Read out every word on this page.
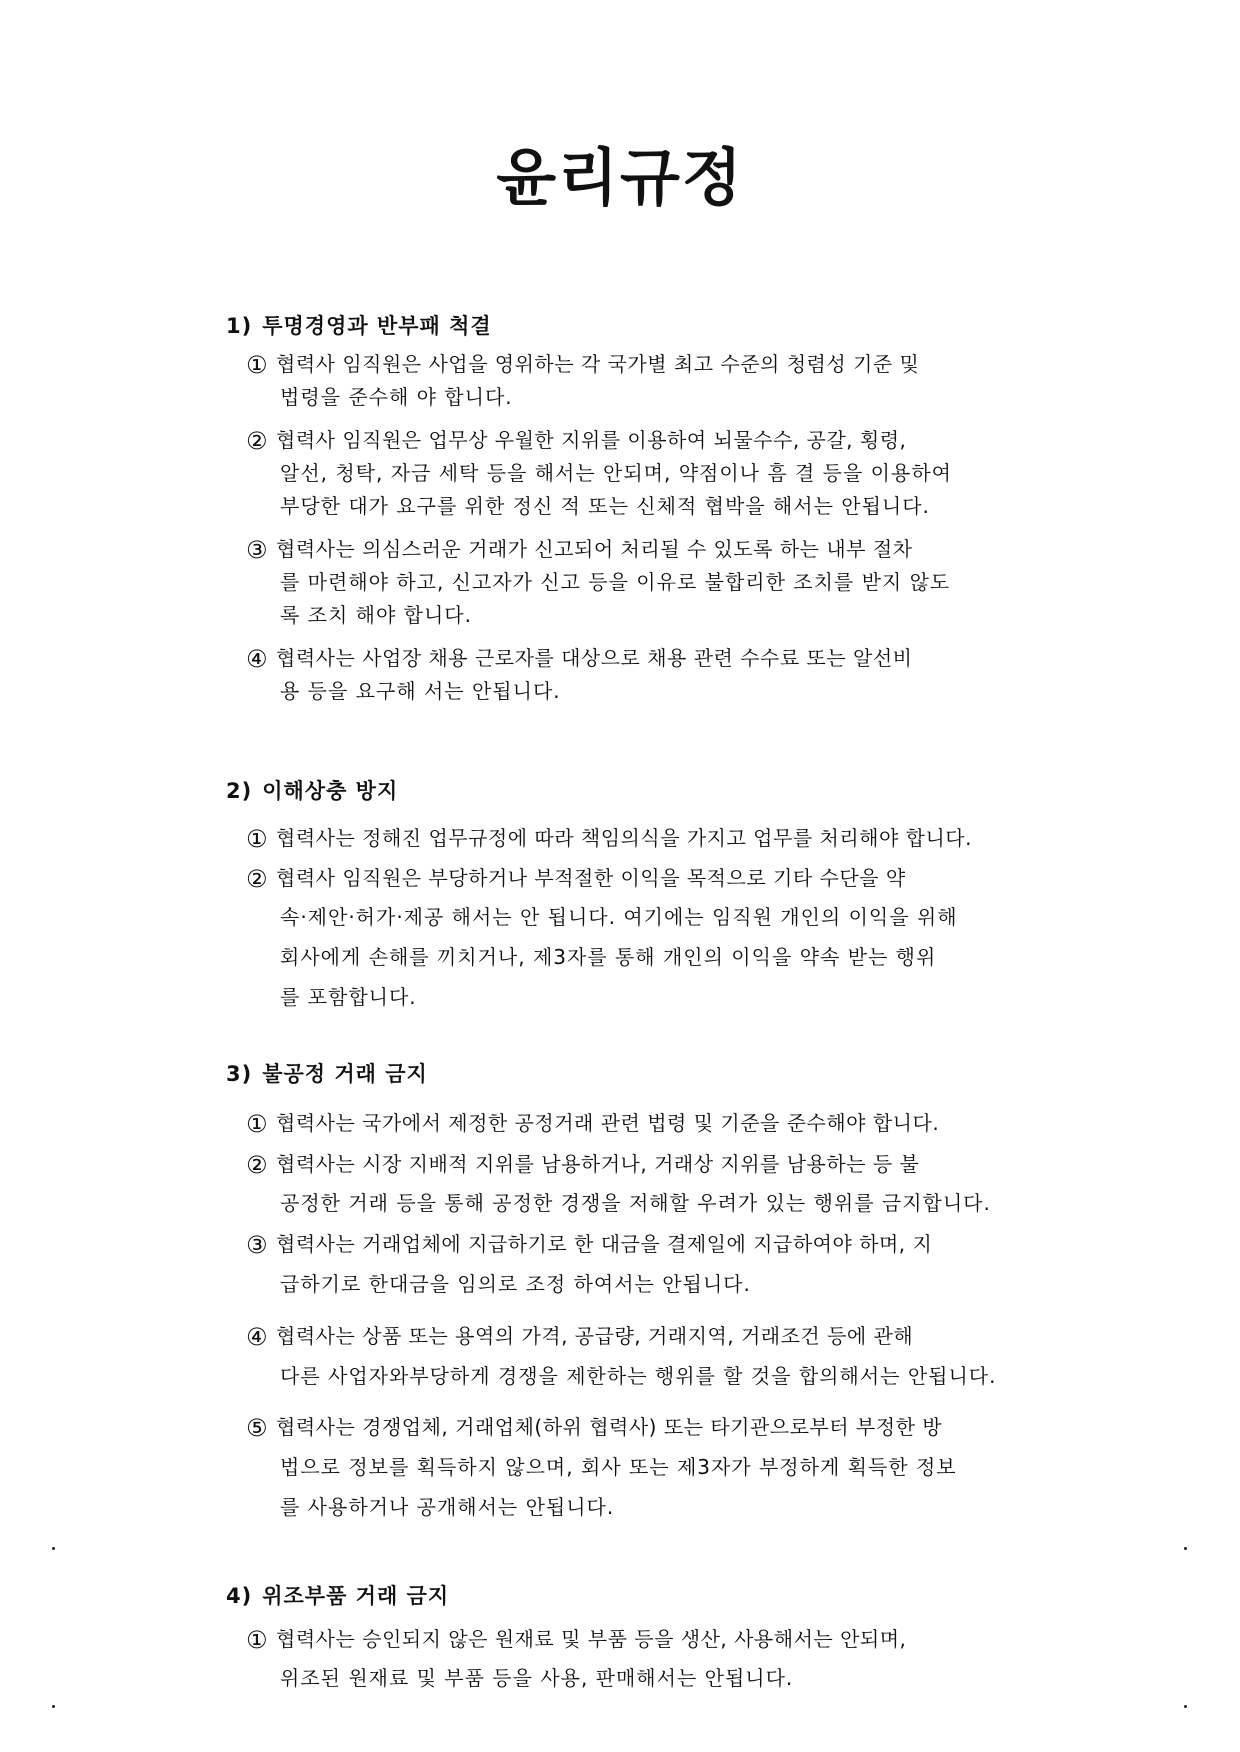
윤리규정
1) 투명경영과 반부패 척결
① 협력사 임직원은 사업을 영위하는 각 국가별 최고 수준의 청렴성 기준 및
법령을 준수해 야 합니다.
② 협력사 임직원은 업무상 우월한 지위를 이용하여 뇌물수수, 공갈, 횡령,
알선, 청탁, 자금 세탁 등을 해서는 안되며, 약점이나 흠 결 등을 이용하여
부당한 대가 요구를 위한 정신 적 또는 신체적 협박을 해서는 안됩니다.
③ 협력사는 의심스러운 거래가 신고되어 처리될 수 있도록 하는 내부 절차
를 마련해야 하고, 신고자가 신고 등을 이유로 불합리한 조치를 받지 않도
록 조치 해야 합니다.
④ 협력사는 사업장 채용 근로자를 대상으로 채용 관련 수수료 또는 알선비
용 등을 요구해 서는 안됩니다.
2) 이해상충 방지
① 협력사는 정해진 업무규정에 따라 책임의식을 가지고 업무를 처리해야 합니다.
② 협력사 임직원은 부당하거나 부적절한 이익을 목적으로 기타 수단을 약
속·제안·허가·제공 해서는 안 됩니다. 여기에는 임직원 개인의 이익을 위해
회사에게 손해를 끼치거나, 제3자를 통해 개인의 이익을 약속 받는 행위
를 포함합니다.
3) 불공정 거래 금지
① 협력사는 국가에서 제정한 공정거래 관련 법령 및 기준을 준수해야 합니다.
② 협력사는 시장 지배적 지위를 남용하거나, 거래상 지위를 남용하는 등 불
공정한 거래 등을 통해 공정한 경쟁을 저해할 우려가 있는 행위를 금지합니다.
③ 협력사는 거래업체에 지급하기로 한 대금을 결제일에 지급하여야 하며, 지
급하기로 한대금을 임의로 조정 하여서는 안됩니다.
④ 협력사는 상품 또는 용역의 가격, 공급량, 거래지역, 거래조건 등에 관해
다른 사업자와부당하게 경쟁을 제한하는 행위를 할 것을 합의해서는 안됩니다.
⑤ 협력사는 경쟁업체, 거래업체(하위 협력사) 또는 타기관으로부터 부정한 방
법으로 정보를 획득하지 않으며, 회사 또는 제3자가 부정하게 획득한 정보
를 사용하거나 공개해서는 안됩니다.
4) 위조부품 거래 금지
① 협력사는 승인되지 않은 원재료 및 부품 등을 생산, 사용해서는 안되며,
위조된 원재료 및 부품 등을 사용, 판매해서는 안됩니다.
